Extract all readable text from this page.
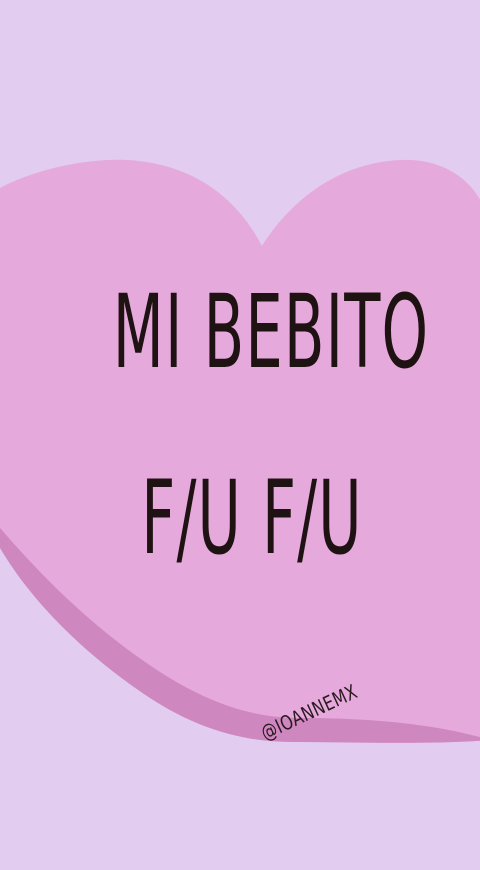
MI BEBITO
F/U F/U
@IOANNEMX
